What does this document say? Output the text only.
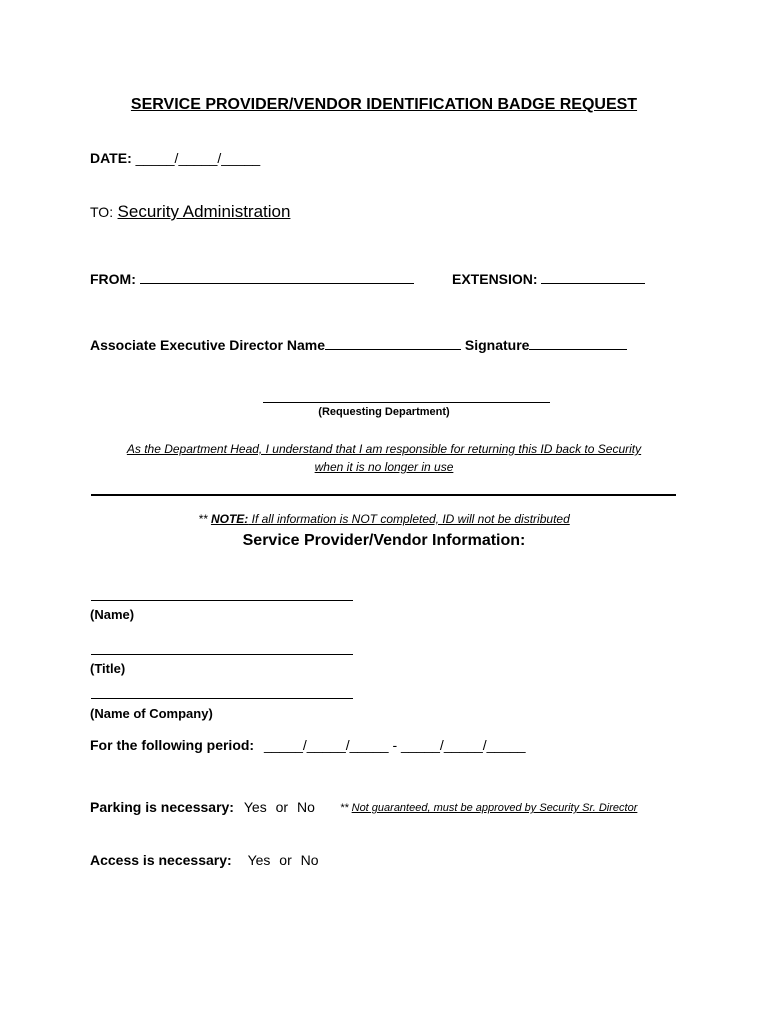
SERVICE PROVIDER/VENDOR IDENTIFICATION BADGE REQUEST
DATE: _____/_____/_____
TO: Security Administration
FROM:	EXTENSION:
Associate Executive Director Name	Signature
(Requesting Department)
As the Department Head, I understand that I am responsible for returning this ID back to Security
when it is no longer in use
** NOTE: If all information is NOT completed, ID will not be distributed
Service Provider/Vendor Information:
(Name)
(Title)
(Name of Company)
For the following period: _____/_____/_____ - _____/_____/_____
Parking is necessary: Yes or No ** Not guaranteed, must be approved by Security Sr. Director
Access is necessary: Yes or No
